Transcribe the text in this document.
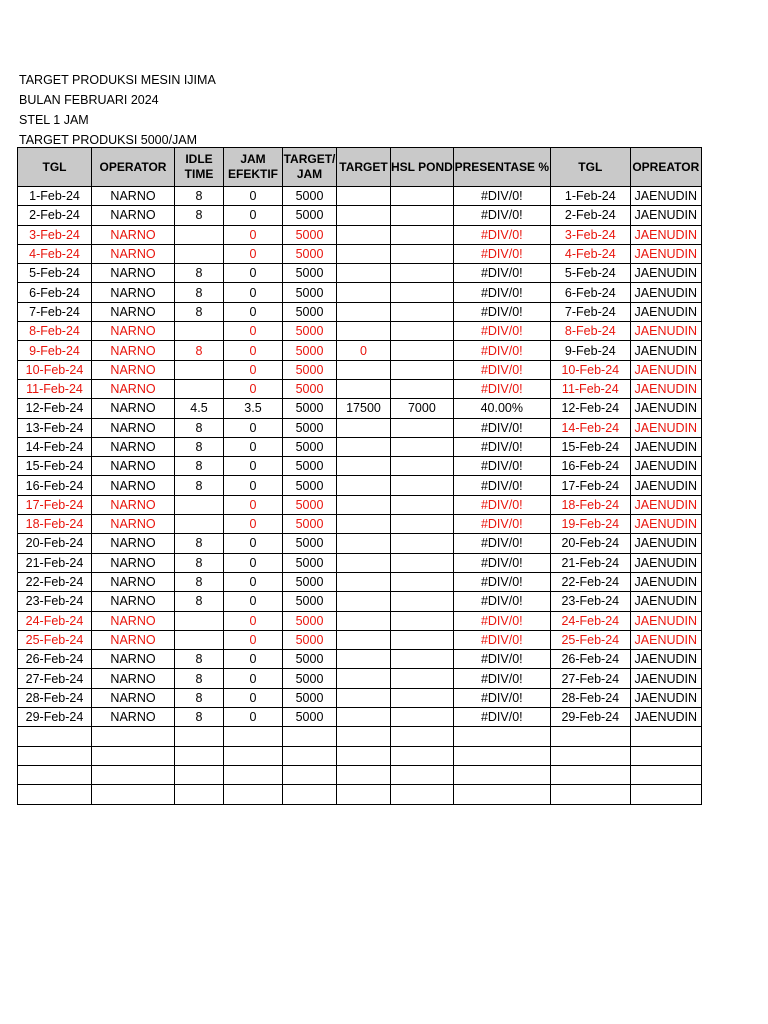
TARGET PRODUKSI MESIN IJIMA
BULAN FEBRUARI 2024
STEL 1 JAM
TARGET PRODUKSI 5000/JAM
TGL	OPERATOR	IDLE TIME	JAM EFEKTIF	TARGET/ JAM	TARGET	HSL POND	PRESENTASE %	TGL	OPREATOR
1-Feb-24	NARNO	8	0	5000			#DIV/0!	1-Feb-24	JAENUDIN
2-Feb-24	NARNO	8	0	5000			#DIV/0!	2-Feb-24	JAENUDIN
3-Feb-24	NARNO		0	5000			#DIV/0!	3-Feb-24	JAENUDIN
4-Feb-24	NARNO		0	5000			#DIV/0!	4-Feb-24	JAENUDIN
5-Feb-24	NARNO	8	0	5000			#DIV/0!	5-Feb-24	JAENUDIN
6-Feb-24	NARNO	8	0	5000			#DIV/0!	6-Feb-24	JAENUDIN
7-Feb-24	NARNO	8	0	5000			#DIV/0!	7-Feb-24	JAENUDIN
8-Feb-24	NARNO		0	5000			#DIV/0!	8-Feb-24	JAENUDIN
9-Feb-24	NARNO	8	0	5000	0		#DIV/0!	9-Feb-24	JAENUDIN
10-Feb-24	NARNO		0	5000			#DIV/0!	10-Feb-24	JAENUDIN
11-Feb-24	NARNO		0	5000			#DIV/0!	11-Feb-24	JAENUDIN
12-Feb-24	NARNO	4.5	3.5	5000	17500	7000	40.00%	12-Feb-24	JAENUDIN
13-Feb-24	NARNO	8	0	5000			#DIV/0!	14-Feb-24	JAENUDIN
14-Feb-24	NARNO	8	0	5000			#DIV/0!	15-Feb-24	JAENUDIN
15-Feb-24	NARNO	8	0	5000			#DIV/0!	16-Feb-24	JAENUDIN
16-Feb-24	NARNO	8	0	5000			#DIV/0!	17-Feb-24	JAENUDIN
17-Feb-24	NARNO		0	5000			#DIV/0!	18-Feb-24	JAENUDIN
18-Feb-24	NARNO		0	5000			#DIV/0!	19-Feb-24	JAENUDIN
20-Feb-24	NARNO	8	0	5000			#DIV/0!	20-Feb-24	JAENUDIN
21-Feb-24	NARNO	8	0	5000			#DIV/0!	21-Feb-24	JAENUDIN
22-Feb-24	NARNO	8	0	5000			#DIV/0!	22-Feb-24	JAENUDIN
23-Feb-24	NARNO	8	0	5000			#DIV/0!	23-Feb-24	JAENUDIN
24-Feb-24	NARNO		0	5000			#DIV/0!	24-Feb-24	JAENUDIN
25-Feb-24	NARNO		0	5000			#DIV/0!	25-Feb-24	JAENUDIN
26-Feb-24	NARNO	8	0	5000			#DIV/0!	26-Feb-24	JAENUDIN
27-Feb-24	NARNO	8	0	5000			#DIV/0!	27-Feb-24	JAENUDIN
28-Feb-24	NARNO	8	0	5000			#DIV/0!	28-Feb-24	JAENUDIN
29-Feb-24	NARNO	8	0	5000			#DIV/0!	29-Feb-24	JAENUDIN
